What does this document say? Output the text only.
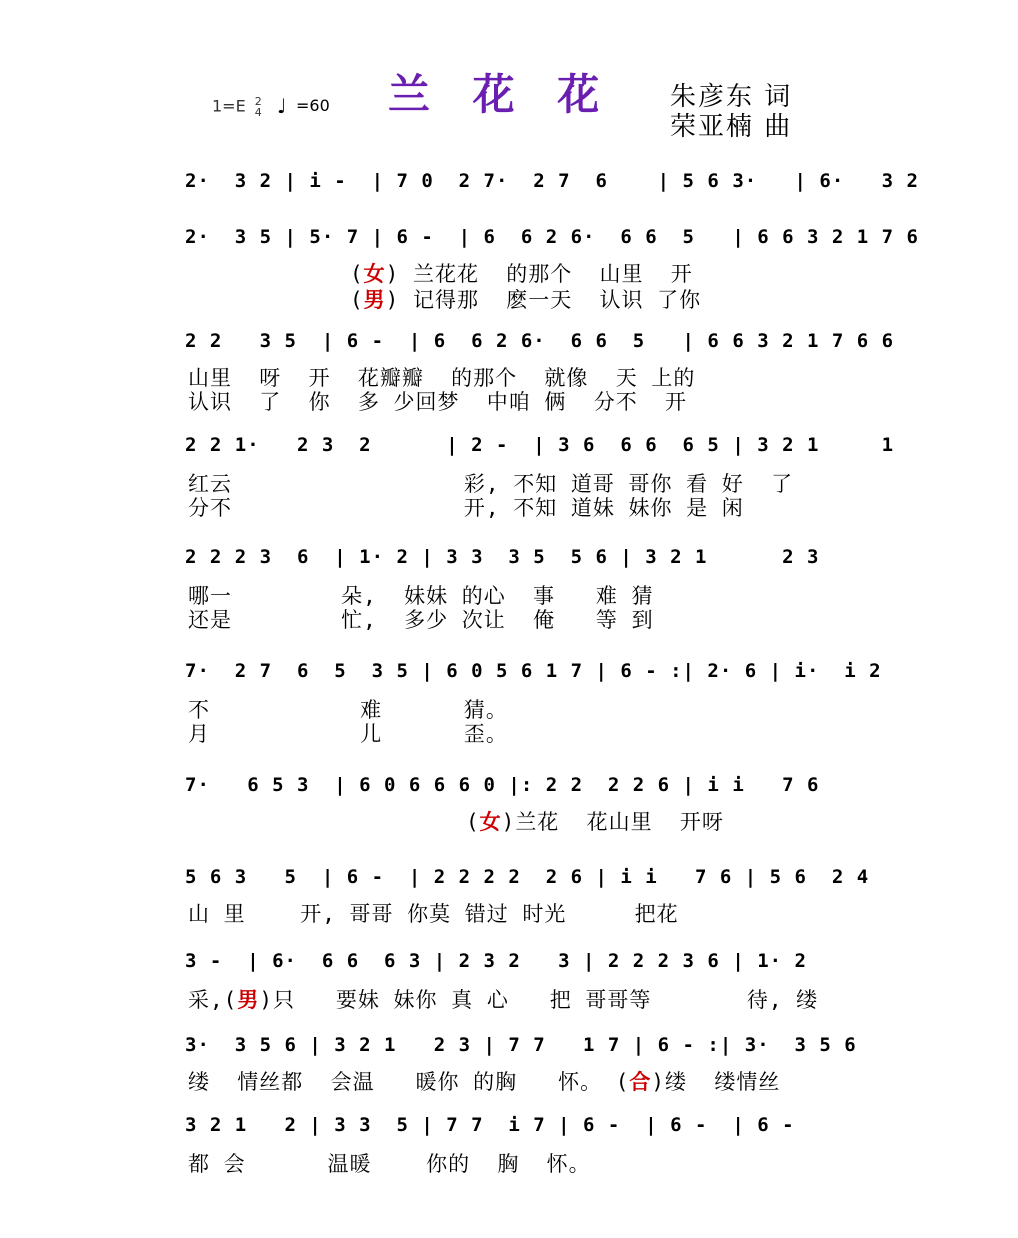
1=E 2
4 ♩ =60 兰 花 花 朱彦东 词
荣亚楠 曲
2·  3 2 | i -  | 7 0  2 7·  2 7  6    | 5 6 3·   | 6·   3 2
2·  3 5 | 5· 7 | 6 -  | 6  6 2 6·  6 6  5   | 6 6 3 2 1 7 6
(女) 兰花花  的那个  山里  开
(男) 记得那  麽一天  认识 了你
2 2   3 5  | 6 -  | 6  6 2 6·  6 6  5   | 6 6 3 2 1 7 6 6
山里  呀  开  花瓣瓣  的那个  就像  天 上的
认识  了  你  多 少回梦  中咱 俩  分不  开
2 2 1·   2 3  2      | 2 -  | 3 6  6 6  6 5 | 3 2 1     1
红云                 彩, 不知 道哥 哥你 看 好  了
分不                 开, 不知 道妹 妹你 是 闲
2 2 2 3  6  | 1· 2 | 3 3  3 5  5 6 | 3 2 1      2 3
哪一        朵,  妹妹 的心  事   难 猜
还是        忙,  多少 次让  俺   等 到
7·  2 7  6  5  3 5 | 6 0 5 6 1 7 | 6 - :| 2· 6 | i·  i 2
不           难      猜。
月           儿      歪。
7·   6 5 3  | 6 0 6 6 6 0 |: 2 2  2 2 6 | i i   7 6
(女)兰花  花山里  开呀
5 6 3   5  | 6 -  | 2 2 2 2  2 6 | i i   7 6 | 5 6  2 4
山 里    开, 哥哥 你莫 错过 时光     把花
3 -  | 6·  6 6  6 3 | 2 3 2   3 | 2 2 2 3 6 | 1· 2
采,(男)只   要妹 妹你 真 心   把 哥哥等       待, 缕
3·  3 5 6 | 3 2 1   2 3 | 7 7   1 7 | 6 - :| 3·  3 5 6
缕  情丝都  会温   暖你 的胸   怀。 (合)缕  缕情丝
3 2 1   2 | 3 3  5 | 7 7  i 7 | 6 -  | 6 -  | 6 -
都 会      温暖    你的  胸  怀。
